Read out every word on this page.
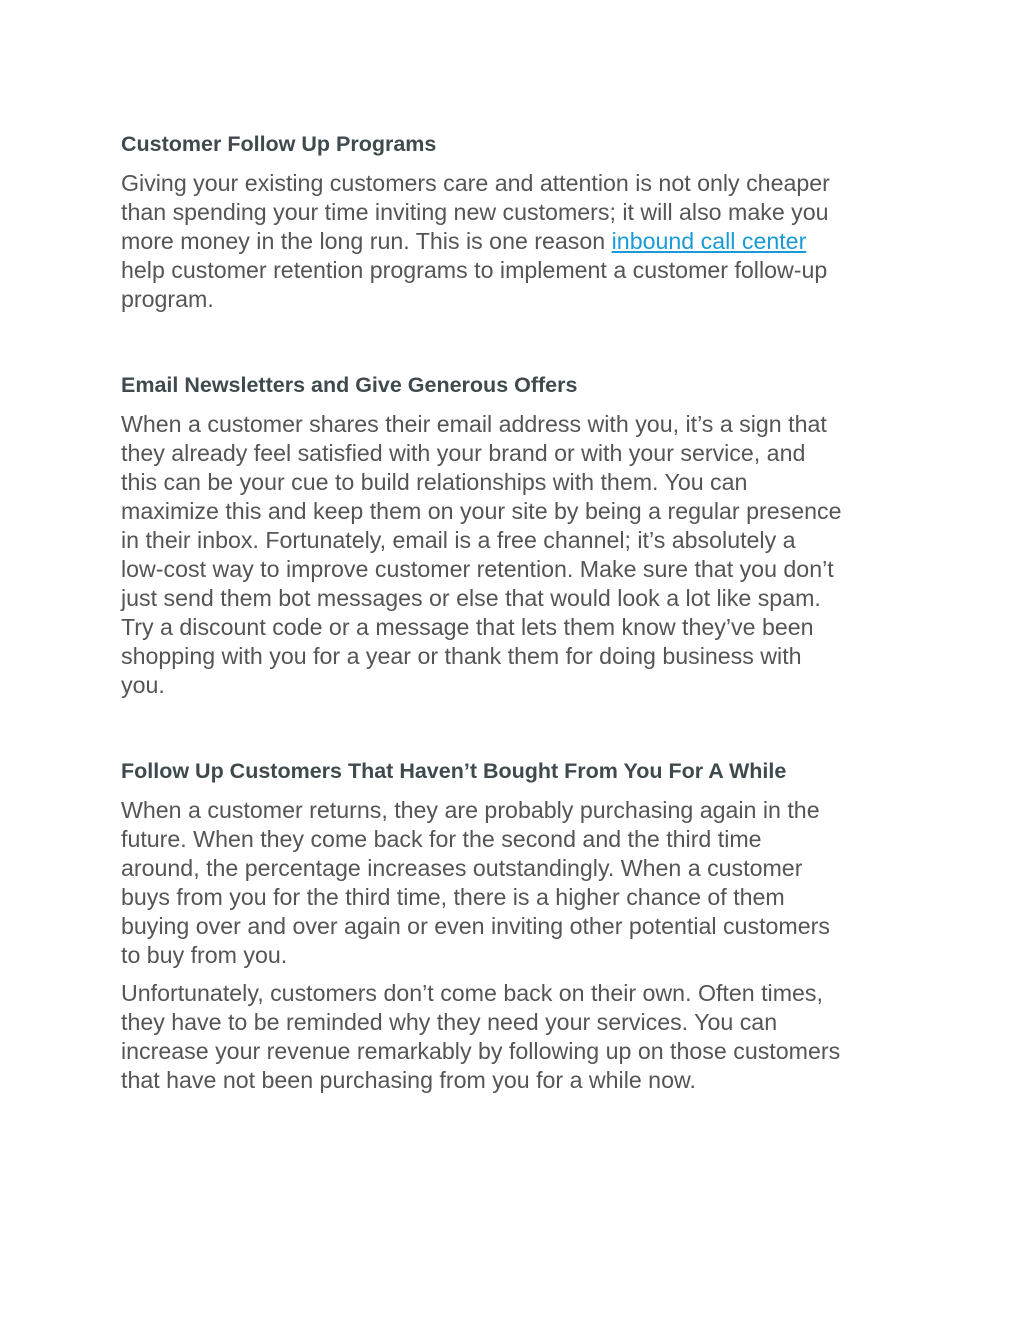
Customer Follow Up Programs

Giving your existing customers care and attention is not only cheaper
than spending your time inviting new customers; it will also make you
more money in the long run. This is one reason inbound call center
help customer retention programs to implement a customer follow-up
program.

Email Newsletters and Give Generous Offers

When a customer shares their email address with you, it’s a sign that
they already feel satisfied with your brand or with your service, and
this can be your cue to build relationships with them. You can
maximize this and keep them on your site by being a regular presence
in their inbox. Fortunately, email is a free channel; it’s absolutely a
low-cost way to improve customer retention. Make sure that you don’t
just send them bot messages or else that would look a lot like spam.
Try a discount code or a message that lets them know they’ve been
shopping with you for a year or thank them for doing business with
you.

Follow Up Customers That Haven’t Bought From You For A While

When a customer returns, they are probably purchasing again in the
future. When they come back for the second and the third time
around, the percentage increases outstandingly. When a customer
buys from you for the third time, there is a higher chance of them
buying over and over again or even inviting other potential customers
to buy from you.

Unfortunately, customers don’t come back on their own. Often times,
they have to be reminded why they need your services. You can
increase your revenue remarkably by following up on those customers
that have not been purchasing from you for a while now.
